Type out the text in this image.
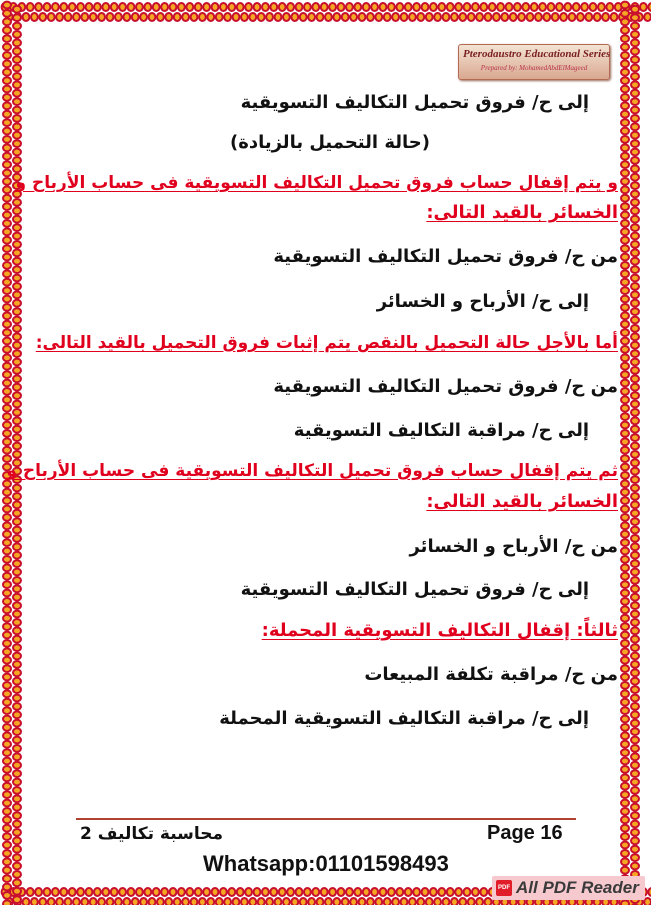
Pterodaustro Educational Series
Prepared by: MohamedAbdElMageed
إلى ح/ فروق تحميل التكاليف التسويقية
(حالة التحميل بالزيادة)
و يتم إقفال حساب فروق تحميل التكاليف التسويقية فى حساب الأرباح و
الخسائر بالقيد التالى:
من ح/ فروق تحميل التكاليف التسويقية
إلى ح/ الأرباح و الخسائر
أما بالأجل حالة التحميل بالنقص يتم إثبات فروق التحميل بالقيد التالى:
من ح/ فروق تحميل التكاليف التسويقية
إلى ح/ مراقبة التكاليف التسويقية
ثم يتم إقفال حساب فروق تحميل التكاليف التسويقية فى حساب الأرباح و
الخسائر بالقيد التالى:
من ح/ الأرباح و الخسائر
إلى ح/ فروق تحميل التكاليف التسويقية
ثالثاً: إقفال التكاليف التسويقية المحملة:
من ح/ مراقبة تكلفة المبيعات
إلى ح/ مراقبة التكاليف التسويقية المحملة
محاسبة تكاليف 2	Page 16
Whatsapp:01101598493
PDF All PDF Reader
